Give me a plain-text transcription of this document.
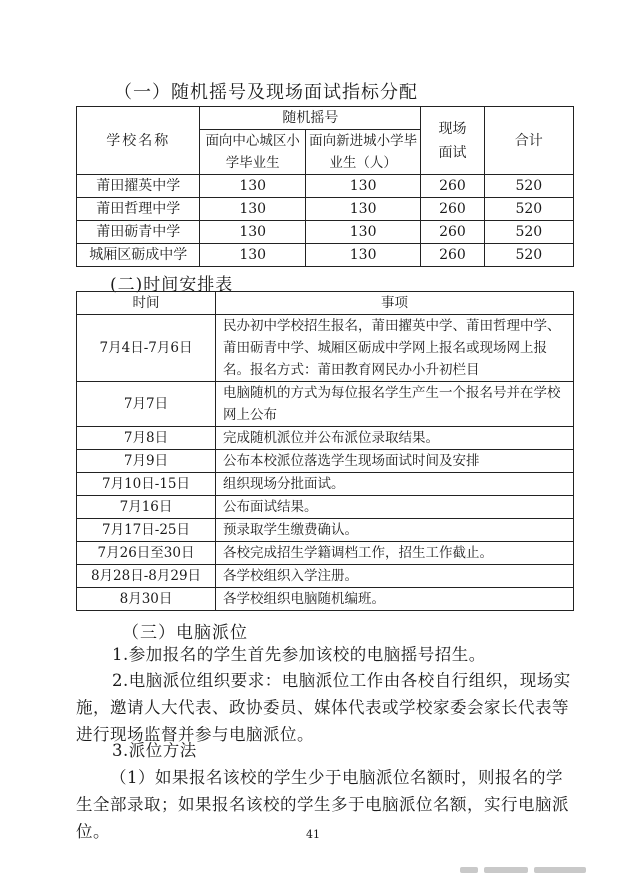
（一）随机摇号及现场面试指标分配
学校名称	随机摇号		现场面试	合计

	面向中心城区小学毕业生	面向新进城小学毕业生（人）		

莆田擢英中学	130	130	260	520
莆田哲理中学	130	130	260	520
莆田砺青中学	130	130	260	520
城厢区砺成中学	130	130	260	520
(二)时间安排表
时间	事项
7月4日-7月6日	民办初中学校招生报名，莆田擢英中学、莆田哲理中学、莆田砺青中学、城厢区砺成中学网上报名或现场网上报名。报名方式：莆田教育网民办小升初栏目
7月7日	电脑随机的方式为每位报名学生产生一个报名号并在学校网上公布
7月8日	完成随机派位并公布派位录取结果。
7月9日	公布本校派位落选学生现场面试时间及安排
7月10日-15日	组织现场分批面试。
7月16日	公布面试结果。
7月17日-25日	预录取学生缴费确认。
7月26日至30日	各校完成招生学籍调档工作，招生工作截止。
8月28日-8月29日	各学校组织入学注册。
8月30日	各学校组织电脑随机编班。
（三）电脑派位
1.参加报名的学生首先参加该校的电脑摇号招生。
2.电脑派位组织要求：电脑派位工作由各校自行组织，现场实施，邀请人大代表、政协委员、媒体代表或学校家委会家长代表等进行现场监督并参与电脑派位。
3.派位方法
（1）如果报名该校的学生少于电脑派位名额时，则报名的学生全部录取；如果报名该校的学生多于电脑派位名额，实行电脑派位。	41
